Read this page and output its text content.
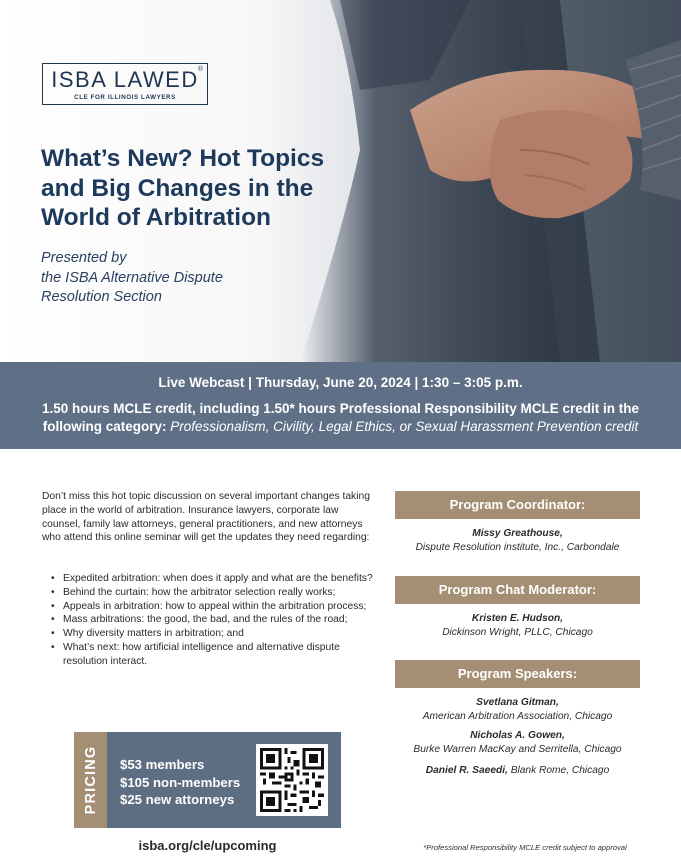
ISBA LAWED ®
CLE FOR ILLINOIS LAWYERS
What’s New? Hot Topics
and Big Changes in the
World of Arbitration
Presented by
the ISBA Alternative Dispute
Resolution Section
Live Webcast | Thursday, June 20, 2024 | 1:30 – 3:05 p.m.
1.50 hours MCLE credit, including 1.50* hours Professional Responsibility MCLE credit in the following category: Professionalism, Civility, Legal Ethics, or Sexual Harassment Prevention credit

Don’t miss this hot topic discussion on several important changes taking place in the world of arbitration. Insurance lawyers, corporate law counsel, family law attorneys, general practitioners, and new attorneys who attend this online seminar will get the updates they need regarding:

• Expedited arbitration: when does it apply and what are the benefits?
• Behind the curtain: how the arbitrator selection really works;
• Appeals in arbitration: how to appeal within the arbitration process;
• Mass arbitrations: the good, the bad, and the rules of the road;
• Why diversity matters in arbitration; and
• What’s next: how artificial intelligence and alternative dispute resolution interact.
PRICING $53 members
$105 non-members
$25 new attorneys
isba.org/cle/upcoming
Program Coordinator:
Missy Greathouse,
Dispute Resolution institute, Inc., Carbondale
Program Chat Moderator:
Kristen E. Hudson,
Dickinson Wright, PLLC, Chicago
Program Speakers:
Svetlana Gitman,
American Arbitration Association, Chicago
Nicholas A. Gowen,
Burke Warren MacKay and Serritella, Chicago
Daniel R. Saeedi, Blank Rome, Chicago
*Professional Responsibility MCLE credit subject to approval
